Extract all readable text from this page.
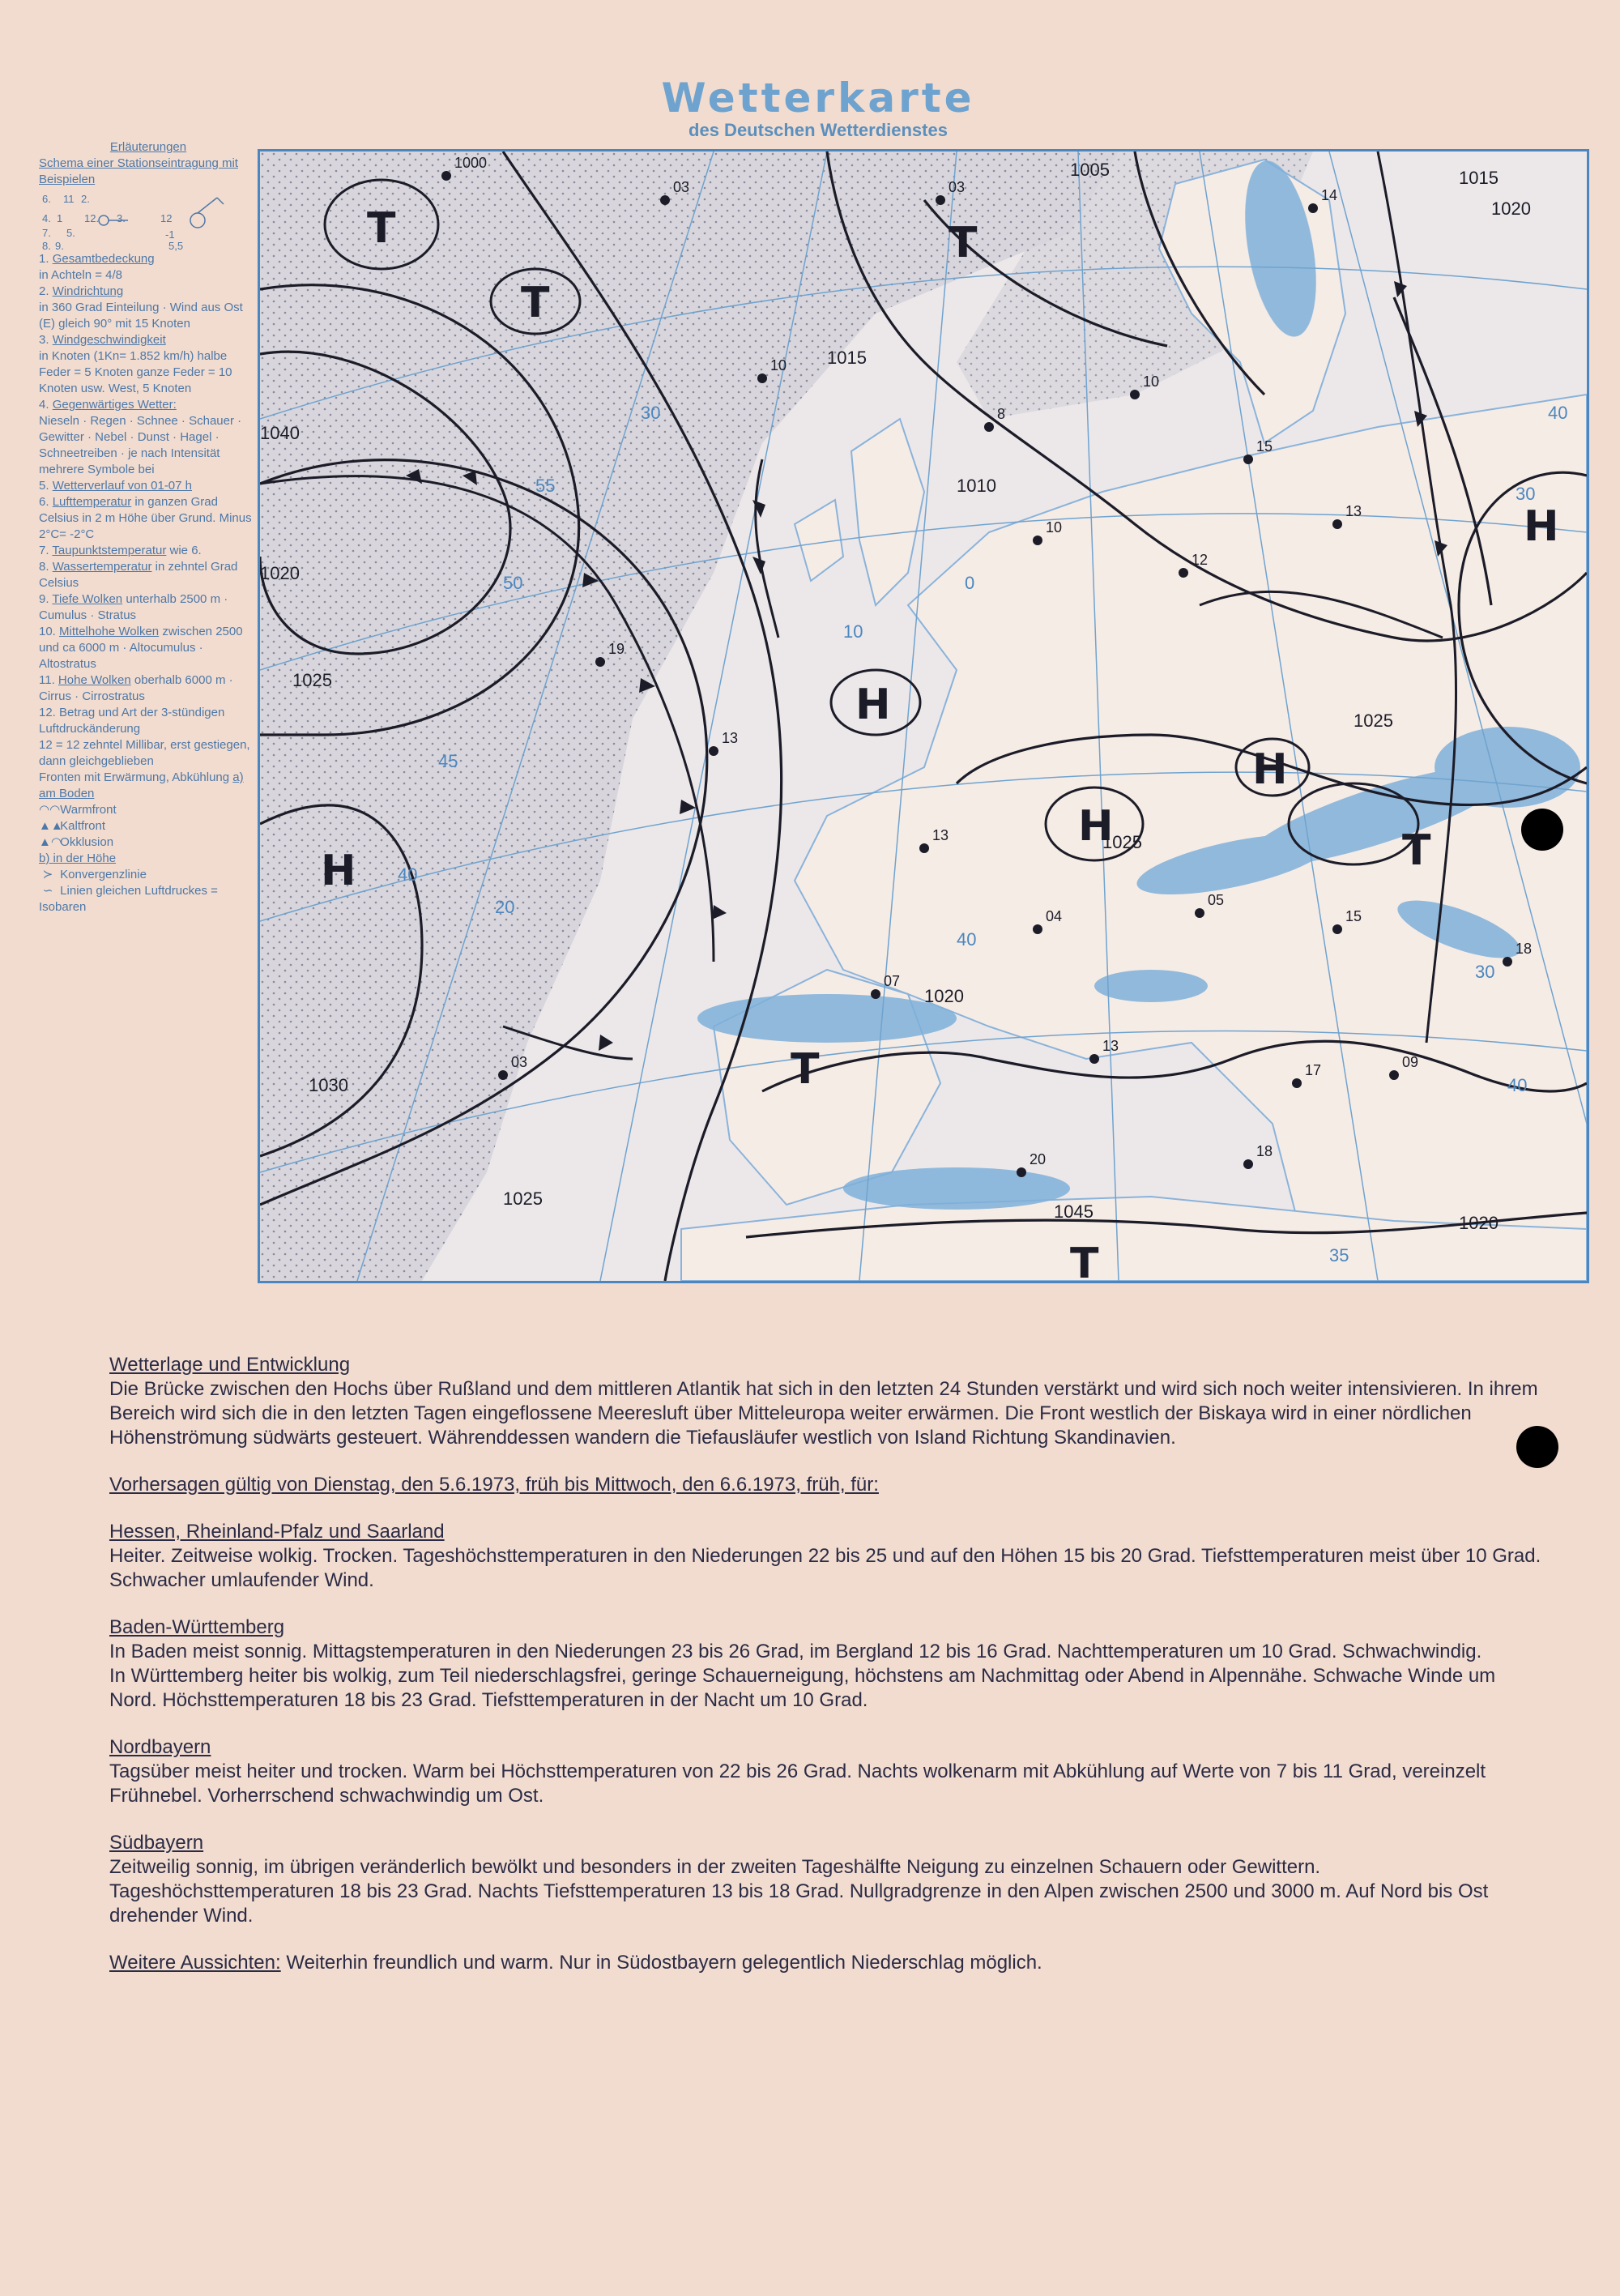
Wetterkarte
des Deutschen Wetterdienstes
Erläuterungen
Schema einer Stationseintragung mit Beispielen
6. 11 2.
4. 1 12. 3.
7. 5.
8. 9.
12
-1
5,5
1. Gesamtbedeckung
in Achteln = 4/8
2. Windrichtung
in 360 Grad Einteilung · Wind aus Ost (E) gleich 90° mit 15 Knoten
3. Windgeschwindigkeit
in Knoten (1Kn= 1.852 km/h) halbe Feder = 5 Knoten ganze Feder = 10 Knoten usw. West, 5 Knoten
4. Gegenwärtiges Wetter:
Nieseln · Regen · Schnee · Schauer · Gewitter · Nebel · Dunst · Hagel · Schneetreiben · je nach Intensität mehrere Symbole bei
5. Wetterverlauf von 01-07 h
6. Lufttemperatur in ganzen Grad Celsius in 2 m Höhe über Grund. Minus 2°C= -2°C
7. Taupunktstemperatur wie 6.
8. Wassertemperatur in zehntel Grad Celsius
9. Tiefe Wolken unterhalb 2500 m · Cumulus · Stratus
10. Mittelhohe Wolken zwischen 2500 und ca 6000 m · Altocumulus · Altostratus
11. Hohe Wolken oberhalb 6000 m · Cirrus · Cirrostratus
12. Betrag und Art der 3-stündigen Luftdruckänderung
12 = 12 zehntel Millibar, erst gestiegen, dann gleichgeblieben
Fronten mit Erwärmung, Abkühlung a) am Boden
◠◠ Warmfront
▲▲ Kaltfront
▲◠ Okklusion
b) in der Höhe
≻ Konvergenzlinie
∽ Linien gleichen Luftdruckes = Isobaren
1005	1015
1020
1040
1020
1025
1030
1025
1020
1045
1020
1025
1025
1010
1015
T
T
T
H
H
H
H
H
T
T
T
1000
03	03	14
10
8
10
15
10
12
13
19
13
13
04
05
15
18
07
13
17
03
20	18
09
30
55
50
45
40
20
40
30
30
40
35
0
10
40

Wetterlage und Entwicklung

Die Brücke zwischen den Hochs über Rußland und dem mittleren Atlantik hat sich in den letzten 24 Stunden verstärkt und wird sich noch weiter intensivieren. In ihrem Bereich wird sich die in den letzten Tagen eingeflossene Meeresluft über Mitteleuropa weiter erwärmen. Die Front westlich der Biskaya wird in einer nördlichen Höhenströmung südwärts gesteuert. Währenddessen wandern die Tiefausläufer westlich von Island Richtung Skandinavien.

Vorhersagen gültig von Dienstag, den 5.6.1973, früh bis Mittwoch, den 6.6.1973, früh, für:

Hessen, Rheinland-Pfalz und Saarland

Heiter. Zeitweise wolkig. Trocken. Tageshöchsttemperaturen in den Niederungen 22 bis 25 und auf den Höhen 15 bis 20 Grad. Tiefsttemperaturen meist über 10 Grad. Schwacher umlaufender Wind.

Baden-Württemberg

In Baden meist sonnig. Mittagstemperaturen in den Niederungen 23 bis 26 Grad, im Bergland 12 bis 16 Grad. Nachttemperaturen um 10 Grad. Schwachwindig.

In Württemberg heiter bis wolkig, zum Teil niederschlagsfrei, geringe Schauerneigung, höchstens am Nachmittag oder Abend in Alpennähe. Schwache Winde um Nord. Höchsttemperaturen 18 bis 23 Grad. Tiefsttemperaturen in der Nacht um 10 Grad.

Nordbayern

Tagsüber meist heiter und trocken. Warm bei Höchsttemperaturen von 22 bis 26 Grad. Nachts wolkenarm mit Abkühlung auf Werte von 7 bis 11 Grad, vereinzelt Frühnebel. Vorherrschend schwachwindig um Ost.

Südbayern

Zeitweilig sonnig, im übrigen veränderlich bewölkt und besonders in der zweiten Tageshälfte Neigung zu einzelnen Schauern oder Gewittern. Tageshöchsttemperaturen 18 bis 23 Grad. Nachts Tiefsttemperaturen 13 bis 18 Grad. Nullgradgrenze in den Alpen zwischen 2500 und 3000 m. Auf Nord bis Ost drehender Wind.

Weitere Aussichten: Weiterhin freundlich und warm. Nur in Südostbayern gelegentlich Niederschlag möglich.
